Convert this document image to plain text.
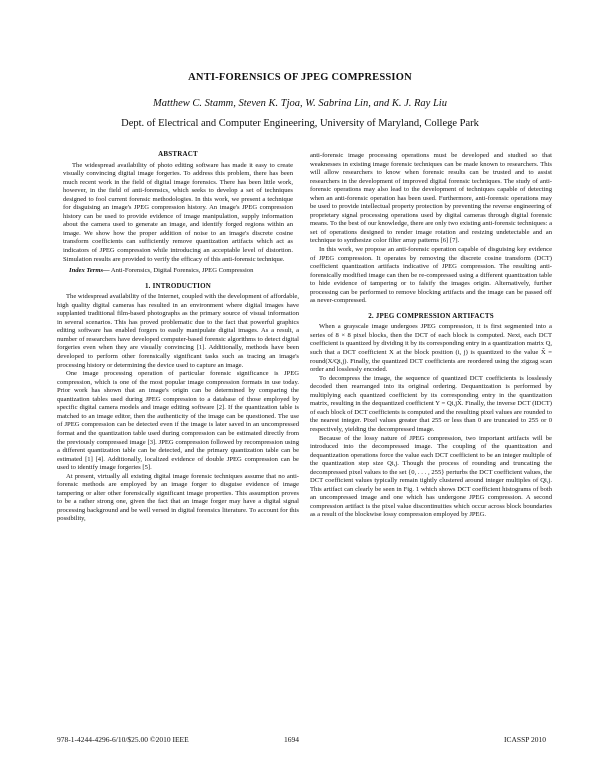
ANTI-FORENSICS OF JPEG COMPRESSION
Matthew C. Stamm, Steven K. Tjoa, W. Sabrina Lin, and K. J. Ray Liu
Dept. of Electrical and Computer Engineering, University of Maryland, College Park
ABSTRACT

The widespread availability of photo editing software has made it easy to create visually convincing digital image forgeries. To address this problem, there has been much recent work in the field of digital image forensics. There has been little work, however, in the field of anti-forensics, which seeks to develop a set of techniques designed to fool current forensic methodologies. In this work, we present a technique for disguising an image's JPEG compression history. An image's JPEG compression history can be used to provide evidence of image manipulation, supply information about the camera used to generate an image, and identify forged regions within an image. We show how the proper addition of noise to an image's discrete cosine transform coefficients can sufficiently remove quantization artifacts which act as indicators of JPEG compression while introducing an acceptable level of distortion. Simulation results are provided to verify the efficacy of this anti-forensic technique.

Index Terms— Anti-Forensics, Digital Forensics, JPEG Compression
1. INTRODUCTION

The widespread availability of the Internet, coupled with the development of affordable, high quality digital cameras has resulted in an environment where digital images have supplanted traditional film-based photographs as the primary source of visual information in several scenarios. This has proved problematic due to the fact that powerful graphics editing software has enabled forgers to easily manipulate digital images. As a result, a number of researchers have developed computer-based forensic algorithms to detect digital forgeries even when they are visually convincing [1]. Additionally, methods have been developed to perform other forensically significant tasks such as tracing an image's processing history or determining the device used to capture an image.

One image processing operation of particular forensic significance is JPEG compression, which is one of the most popular image compression formats in use today. Prior work has shown that an image's origin can be determined by comparing the quantization tables used during JPEG compression to a database of those employed by specific digital camera models and image editing software [2]. If the quantization table is matched to an image editor, then the authenticity of the image can be questioned. The use of JPEG compression can be detected even if the image is later saved in an uncompressed format and the quantization table used during compression can be estimated directly from the previously compressed image [3]. JPEG compression followed by recompression using a different quantization table can be detected, and the primary quantization table can be estimated [1] [4]. Additionally, localized evidence of double JPEG compression can be used to identify image forgeries [5].

At present, virtually all existing digital image forensic techniques assume that no anti-forensic methods are employed by an image forger to disguise evidence of image tampering or alter other forensically significant image properties. This assumption proves to be a rather strong one, given the fact that an image forger may have a digital signal processing background and be well versed in digital forensics literature. To account for this possibility,

anti-forensic image processing operations must be developed and studied so that weaknesses in existing image forensic techniques can be made known to researchers. This will allow researchers to know when forensic results can be trusted and to assist researchers in the development of improved digital forensic techniques. The study of anti-forensic operations may also lead to the development of techniques capable of detecting when an anti-forensic operation has been used. Furthermore, anti-forensic operations may be used to provide intellectual property protection by preventing the reverse engineering of proprietary signal processing operations used by digital cameras through digital forensic means. To the best of our knowledge, there are only two existing anti-forensic techniques: a set of operations designed to render image rotation and resizing undetectable and an technique to synthesize color filter array patterns [6] [7].

In this work, we propose an anti-forensic operation capable of disguising key evidence of JPEG compression. It operates by removing the discrete cosine transform (DCT) coefficient quantization artifacts indicative of JPEG compression. The resulting anti-forensically modified image can then be re-compressed using a different quantization table to hide evidence of tampering or to falsify the images origin. Alternatively, further processing can be performed to remove blocking artifacts and the image can be passed off as never-compressed.

2. JPEG COMPRESSION ARTIFACTS

When a grayscale image undergoes JPEG compression, it is first segmented into a series of 8 × 8 pixel blocks, then the DCT of each block is computed. Next, each DCT coefficient is quantized by dividing it by its corresponding entry in a quantization matrix Q, such that a DCT coefficient X at the block position (i, j) is quantized to the value X̂ = round(X/Qi,j). Finally, the quantized DCT coefficients are reordered using the zigzag scan order and losslessly encoded.

To decompress the image, the sequence of quantized DCT coefficients is losslessly decoded then rearranged into its original ordering. Dequantization is performed by multiplying each quantized coefficient by its corresponding entry in the quantization matrix, resulting in the dequantized coefficient Y = Qi,jX̂. Finally, the inverse DCT (IDCT) of each block of DCT coefficients is computed and the resulting pixel values are rounded to the nearest integer. Pixel values greater that 255 or less than 0 are truncated to 255 or 0 respectively, yielding the decompressed image.

Because of the lossy nature of JPEG compression, two important artifacts will be introduced into the decompressed image. The coupling of the quantization and dequantization operations force the value each DCT coefficient to be an integer multiple of the quantization step size Qi,j. Though the process of rounding and truncating the decompressed pixel values to the set {0, . . . , 255} perturbs the DCT coefficient values, the DCT coefficient values typically remain tightly clustered around integer multiples of Qi,j. This artifact can clearly be seen in Fig. 1 which shows DCT coefficient histograms of both an uncompressed image and one which has undergone JPEG compression. A second compression artifact is the pixel value discontinuities which occur across block boundaries as a result of the blockwise lossy compression employed by JPEG.

978-1-4244-4296-6/10/$25.00 ©2010 IEEE	1694	ICASSP 2010
